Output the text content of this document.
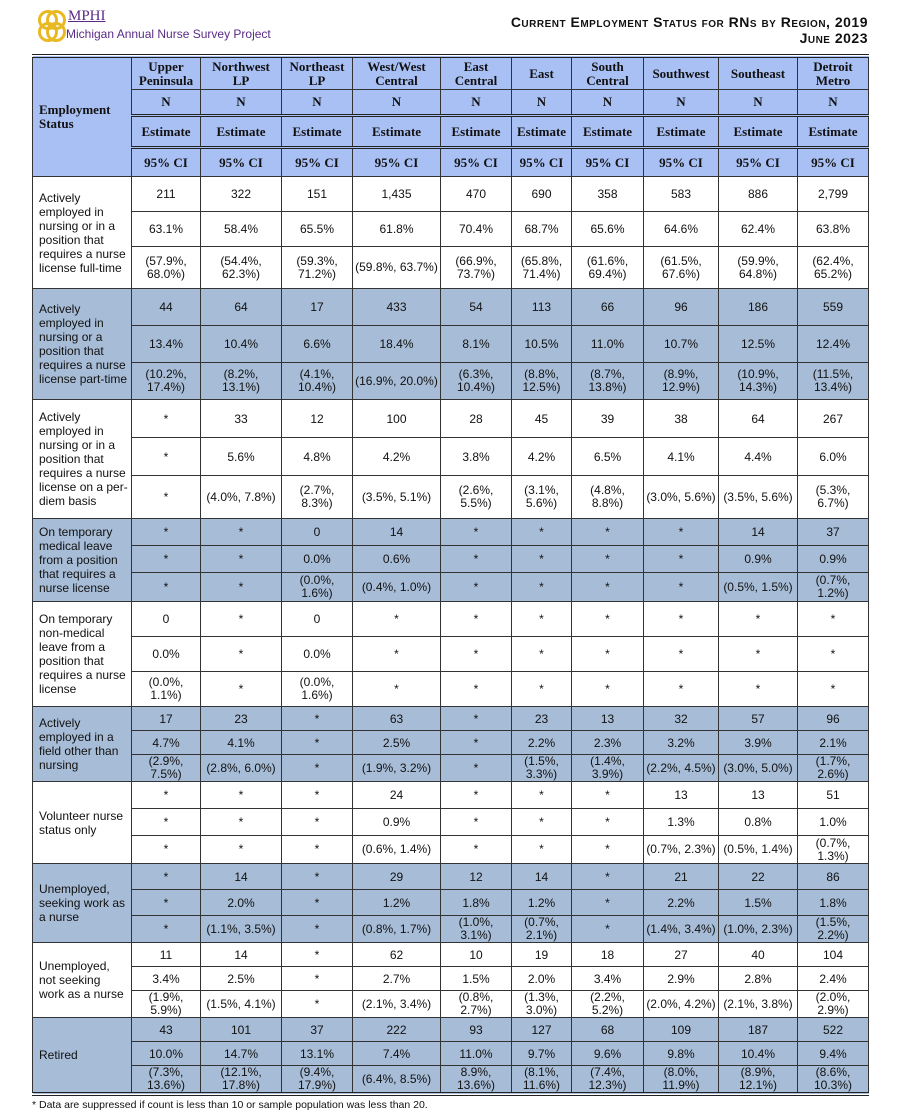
MPHI
Michigan Annual Nurse Survey Project
Current Employment Status for RNs by Region, 2019
June 2023
Employment Status	Upper Peninsula	Northwest LP	Northeast LP	West/West Central	East Central	East	South Central	Southwest	Southeast	Detroit Metro
	N	N	N	N	N	N	N	N	N	N
	Estimate	Estimate	Estimate	Estimate	Estimate	Estimate	Estimate	Estimate	Estimate	Estimate
	95% CI	95% CI	95% CI	95% CI	95% CI	95% CI	95% CI	95% CI	95% CI	95% CI
Actively employed in nursing or in a position that requires a nurse license full-time	211	322	151	1,435	470	690	358	583	886	2,799
	63.1%	58.4%	65.5%	61.8%	70.4%	68.7%	65.6%	64.6%	62.4%	63.8%
	(57.9%, 68.0%)	(54.4%, 62.3%)	(59.3%, 71.2%)	(59.8%, 63.7%)	(66.9%, 73.7%)	(65.8%, 71.4%)	(61.6%, 69.4%)	(61.5%, 67.6%)	(59.9%, 64.8%)	(62.4%, 65.2%)
Actively employed in nursing or a position that requires a nurse license part-time	44	64	17	433	54	113	66	96	186	559
	13.4%	10.4%	6.6%	18.4%	8.1%	10.5%	11.0%	10.7%	12.5%	12.4%
	(10.2%, 17.4%)	(8.2%, 13.1%)	(4.1%, 10.4%)	(16.9%, 20.0%)	(6.3%, 10.4%)	(8.8%, 12.5%)	(8.7%, 13.8%)	(8.9%, 12.9%)	(10.9%, 14.3%)	(11.5%, 13.4%)
Actively employed in nursing or in a position that requires a nurse license on a per-diem basis	*	33	12	100	28	45	39	38	64	267
	*	5.6%	4.8%	4.2%	3.8%	4.2%	6.5%	4.1%	4.4%	6.0%
	*	(4.0%, 7.8%)	(2.7%, 8.3%)	(3.5%, 5.1%)	(2.6%, 5.5%)	(3.1%, 5.6%)	(4.8%, 8.8%)	(3.0%, 5.6%)	(3.5%, 5.6%)	(5.3%, 6.7%)
On temporary medical leave from a position that requires a nurse license	*	*	0	14	*	*	*	*	14	37
	*	*	0.0%	0.6%	*	*	*	*	0.9%	0.9%
	*	*	(0.0%, 1.6%)	(0.4%, 1.0%)	*	*	*	*	(0.5%, 1.5%)	(0.7%, 1.2%)
On temporary non-medical leave from a position that requires a nurse license	0	*	0	*	*	*	*	*	*	*
	0.0%	*	0.0%	*	*	*	*	*	*	*
	(0.0%, 1.1%)	*	(0.0%, 1.6%)	*	*	*	*	*	*	*
Actively employed in a field other than nursing	17	23	*	63	*	23	13	32	57	96
	4.7%	4.1%	*	2.5%	*	2.2%	2.3%	3.2%	3.9%	2.1%
	(2.9%, 7.5%)	(2.8%, 6.0%)	*	(1.9%, 3.2%)	*	(1.5%, 3.3%)	(1.4%, 3.9%)	(2.2%, 4.5%)	(3.0%, 5.0%)	(1.7%, 2.6%)
Volunteer nurse status only	*	*	*	24	*	*	*	13	13	51
	*	*	*	0.9%	*	*	*	1.3%	0.8%	1.0%
	*	*	*	(0.6%, 1.4%)	*	*	*	(0.7%, 2.3%)	(0.5%, 1.4%)	(0.7%, 1.3%)
Unemployed, seeking work as a nurse	*	14	*	29	12	14	*	21	22	86
	*	2.0%	*	1.2%	1.8%	1.2%	*	2.2%	1.5%	1.8%
	*	(1.1%, 3.5%)	*	(0.8%, 1.7%)	(1.0%, 3.1%)	(0.7%, 2.1%)	*	(1.4%, 3.4%)	(1.0%, 2.3%)	(1.5%, 2.2%)
Unemployed, not seeking work as a nurse	11	14	*	62	10	19	18	27	40	104
	3.4%	2.5%	*	2.7%	1.5%	2.0%	3.4%	2.9%	2.8%	2.4%
	(1.9%, 5.9%)	(1.5%, 4.1%)	*	(2.1%, 3.4%)	(0.8%, 2.7%)	(1.3%, 3.0%)	(2.2%, 5.2%)	(2.0%, 4.2%)	(2.1%, 3.8%)	(2.0%, 2.9%)
Retired	43	101	37	222	93	127	68	109	187	522
	10.0%	14.7%	13.1%	7.4%	11.0%	9.7%	9.6%	9.8%	10.4%	9.4%
	(7.3%, 13.6%)	(12.1%, 17.8%)	(9.4%, 17.9%)	(6.4%, 8.5%)	8.9%, 13.6%)	(8.1%, 11.6%)	(7.4%, 12.3%)	(8.0%, 11.9%)	(8.9%, 12.1%)	(8.6%, 10.3%)
* Data are suppressed if count is less than 10 or sample population was less than 20.
